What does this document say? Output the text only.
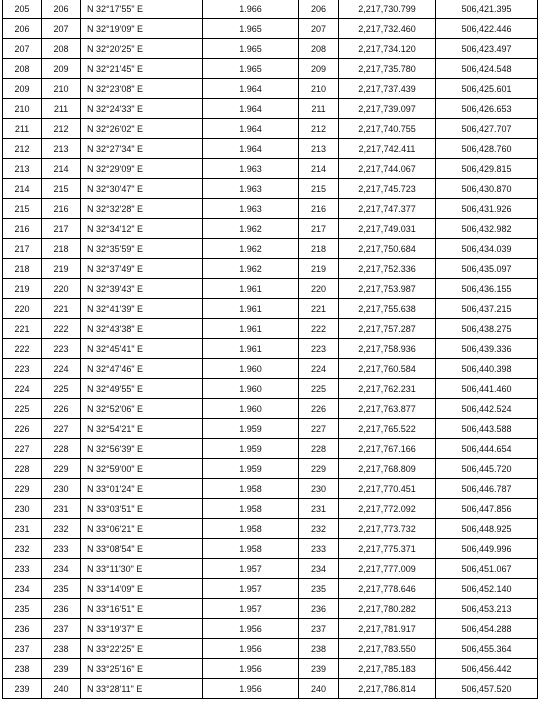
205	206	N 32°17'55" E	1.966	206	2,217,730.799	506,421.395
206	207	N 32°19'09" E	1.965	207	2,217,732.460	506,422.446
207	208	N 32°20'25" E	1.965	208	2,217,734.120	506,423.497
208	209	N 32°21'45" E	1.965	209	2,217,735.780	506,424.548
209	210	N 32°23'08" E	1.964	210	2,217,737.439	506,425.601
210	211	N 32°24'33" E	1.964	211	2,217,739.097	506,426.653
211	212	N 32°26'02" E	1.964	212	2,217,740.755	506,427.707
212	213	N 32°27'34" E	1.964	213	2,217,742.411	506,428.760
213	214	N 32°29'09" E	1.963	214	2,217,744.067	506,429.815
214	215	N 32°30'47" E	1.963	215	2,217,745.723	506,430.870
215	216	N 32°32'28" E	1.963	216	2,217,747.377	506,431.926
216	217	N 32°34'12" E	1.962	217	2,217,749.031	506,432.982
217	218	N 32°35'59" E	1.962	218	2,217,750.684	506,434.039
218	219	N 32°37'49" E	1.962	219	2,217,752.336	506,435.097
219	220	N 32°39'43" E	1.961	220	2,217,753.987	506,436.155
220	221	N 32°41'39" E	1.961	221	2,217,755.638	506,437.215
221	222	N 32°43'38" E	1.961	222	2,217,757.287	506,438.275
222	223	N 32°45'41" E	1.961	223	2,217,758.936	506,439.336
223	224	N 32°47'46" E	1.960	224	2,217,760.584	506,440.398
224	225	N 32°49'55" E	1.960	225	2,217,762.231	506,441.460
225	226	N 32°52'06" E	1.960	226	2,217,763.877	506,442.524
226	227	N 32°54'21" E	1.959	227	2,217,765.522	506,443.588
227	228	N 32°56'39" E	1.959	228	2,217,767.166	506,444.654
228	229	N 32°59'00" E	1.959	229	2,217,768.809	506,445.720
229	230	N 33°01'24" E	1.958	230	2,217,770.451	506,446.787
230	231	N 33°03'51" E	1.958	231	2,217,772.092	506,447.856
231	232	N 33°06'21" E	1.958	232	2,217,773.732	506,448.925
232	233	N 33°08'54" E	1.958	233	2,217,775.371	506,449.996
233	234	N 33°11'30" E	1.957	234	2,217,777.009	506,451.067
234	235	N 33°14'09" E	1.957	235	2,217,778.646	506,452.140
235	236	N 33°16'51" E	1.957	236	2,217,780.282	506,453.213
236	237	N 33°19'37" E	1.956	237	2,217,781.917	506,454.288
237	238	N 33°22'25" E	1.956	238	2,217,783.550	506,455.364
238	239	N 33°25'16" E	1.956	239	2,217,785.183	506,456.442
239	240	N 33°28'11" E	1.956	240	2,217,786.814	506,457.520
